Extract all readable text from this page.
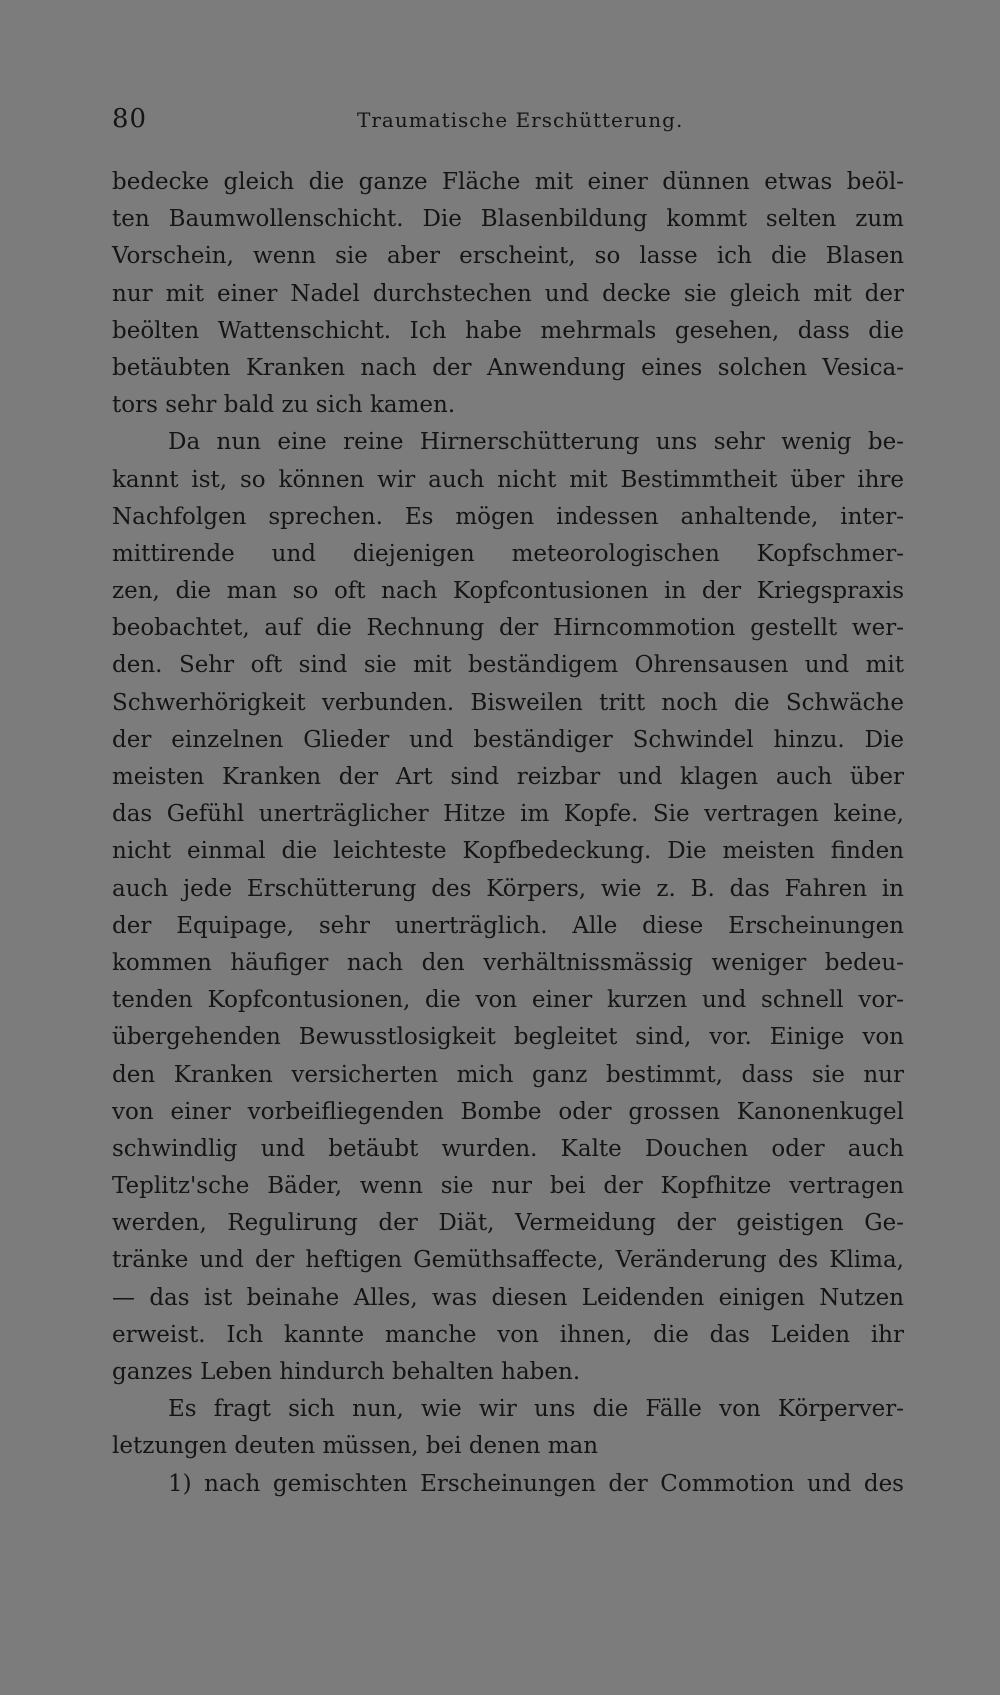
80	Traumatische Erschütterung.
bedecke gleich die ganze Fläche mit einer dünnen etwas beöl-
ten Baumwollenschicht. Die Blasenbildung kommt selten zum
Vorschein, wenn sie aber erscheint, so lasse ich die Blasen
nur mit einer Nadel durchstechen und decke sie gleich mit der
beölten Wattenschicht. Ich habe mehrmals gesehen, dass die
betäubten Kranken nach der Anwendung eines solchen Vesica-
tors sehr bald zu sich kamen.
Da nun eine reine Hirnerschütterung uns sehr wenig be-
kannt ist, so können wir auch nicht mit Bestimmtheit über ihre
Nachfolgen sprechen. Es mögen indessen anhaltende, inter-
mittirende und diejenigen meteorologischen Kopfschmer-
zen, die man so oft nach Kopfcontusionen in der Kriegspraxis
beobachtet, auf die Rechnung der Hirncommotion gestellt wer-
den. Sehr oft sind sie mit beständigem Ohrensausen und mit
Schwerhörigkeit verbunden. Bisweilen tritt noch die Schwäche
der einzelnen Glieder und beständiger Schwindel hinzu. Die
meisten Kranken der Art sind reizbar und klagen auch über
das Gefühl unerträglicher Hitze im Kopfe. Sie vertragen keine,
nicht einmal die leichteste Kopfbedeckung. Die meisten finden
auch jede Erschütterung des Körpers, wie z. B. das Fahren in
der Equipage, sehr unerträglich. Alle diese Erscheinungen
kommen häufiger nach den verhältnissmässig weniger bedeu-
tenden Kopfcontusionen, die von einer kurzen und schnell vor-
übergehenden Bewusstlosigkeit begleitet sind, vor. Einige von
den Kranken versicherten mich ganz bestimmt, dass sie nur
von einer vorbeifliegenden Bombe oder grossen Kanonenkugel
schwindlig und betäubt wurden. Kalte Douchen oder auch
Teplitz'sche Bäder, wenn sie nur bei der Kopfhitze vertragen
werden, Regulirung der Diät, Vermeidung der geistigen Ge-
tränke und der heftigen Gemüthsaffecte, Veränderung des Klima,
— das ist beinahe Alles, was diesen Leidenden einigen Nutzen
erweist. Ich kannte manche von ihnen, die das Leiden ihr
ganzes Leben hindurch behalten haben.
Es fragt sich nun, wie wir uns die Fälle von Körperver-
letzungen deuten müssen, bei denen man
1) nach gemischten Erscheinungen der Commotion und des
